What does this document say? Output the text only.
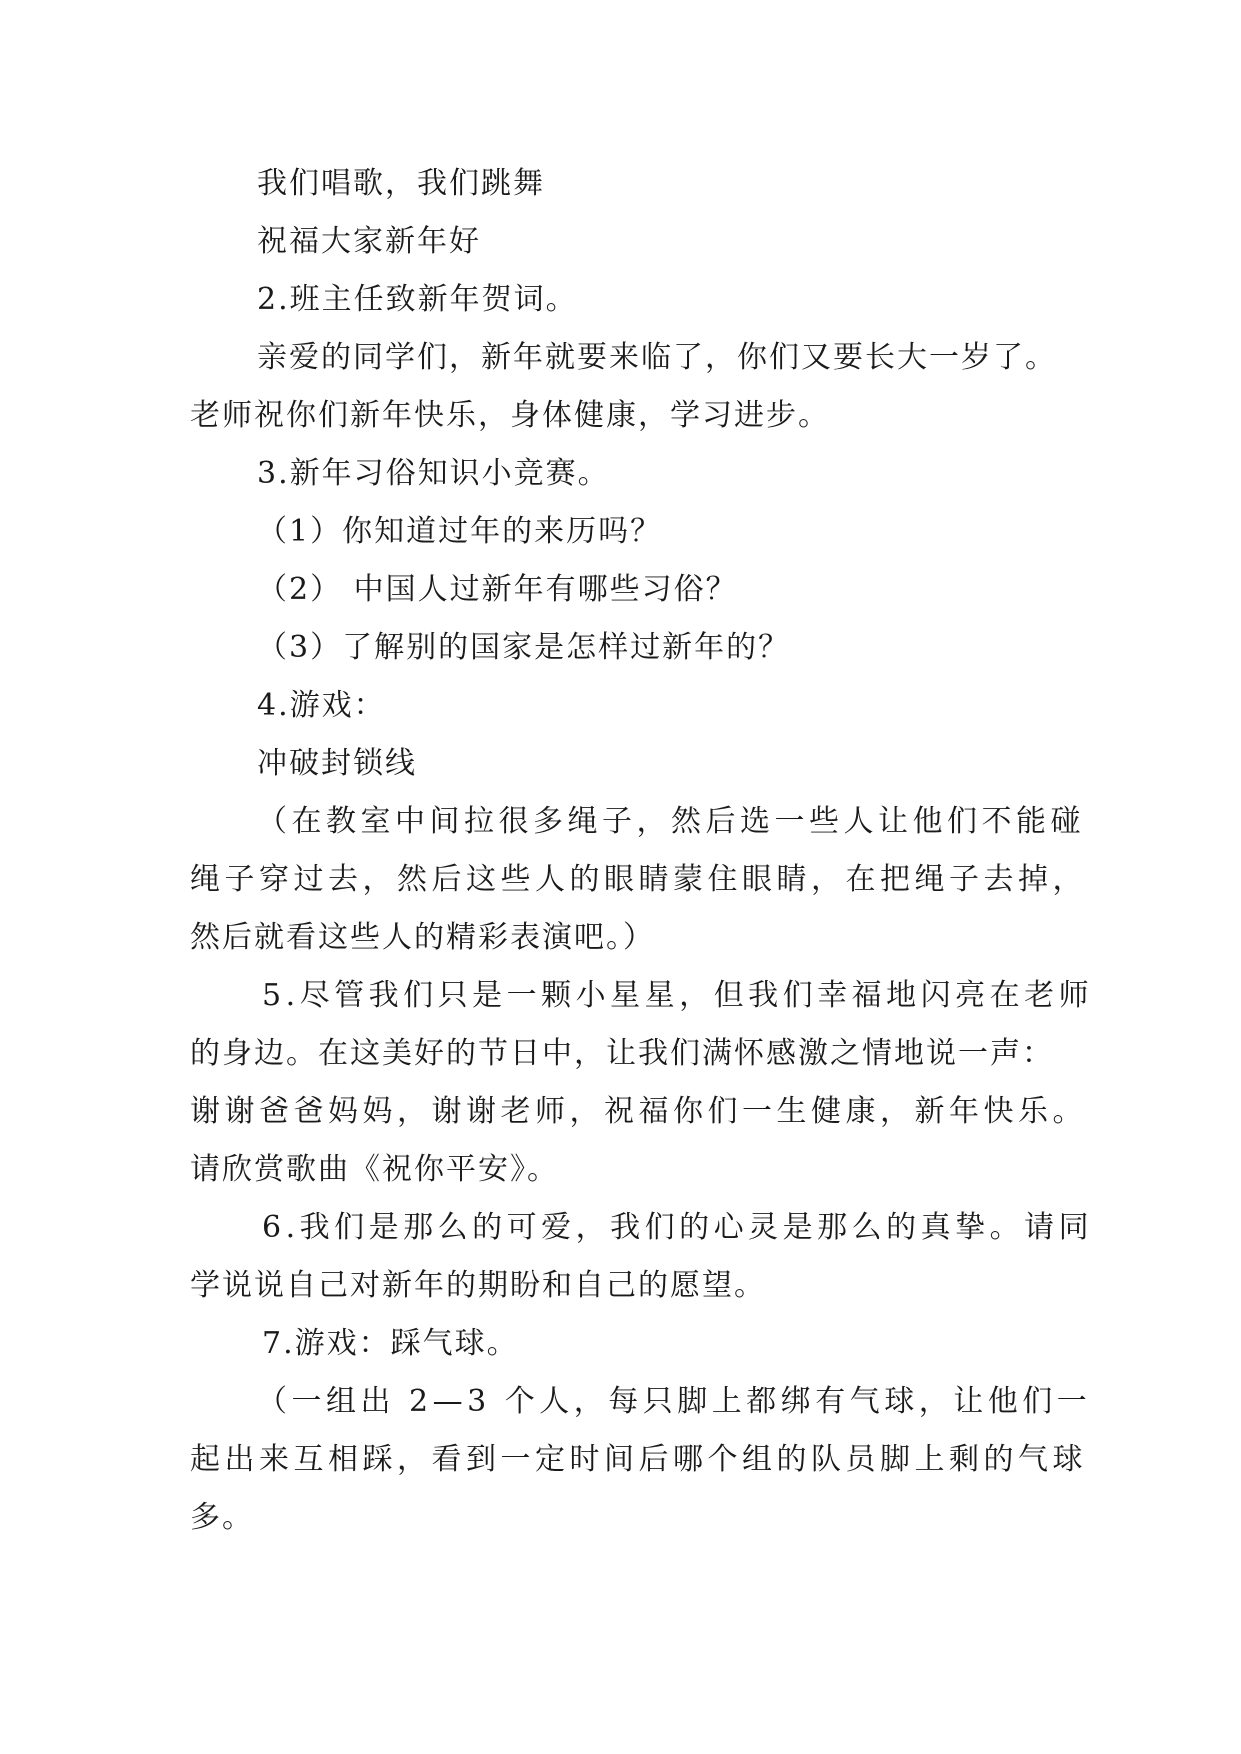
我们唱歌，我们跳舞
祝福大家新年好
2.班主任致新年贺词。
亲爱的同学们，新年就要来临了，你们又要长大一岁了。
老师祝你们新年快乐，身体健康，学习进步。
3.新年习俗知识小竞赛。
（1）你知道过年的来历吗？
（2） 中国人过新年有哪些习俗？
（3）了解别的国家是怎样过新年的？
4.游戏：
冲破封锁线
（在教室中间拉很多绳子，然后选一些人让他们不能碰
绳子穿过去，然后这些人的眼睛蒙住眼睛，在把绳子去掉，
然后就看这些人的精彩表演吧。）
5.尽管我们只是一颗小星星，但我们幸福地闪亮在老师
的身边。在这美好的节日中，让我们满怀感激之情地说一声：
谢谢爸爸妈妈，谢谢老师，祝福你们一生健康，新年快乐。
请欣赏歌曲《祝你平安》。
6.我们是那么的可爱，我们的心灵是那么的真挚。请同
学说说自己对新年的期盼和自己的愿望。
7.游戏：踩气球。
（一组出 2—3 个人，每只脚上都绑有气球，让他们一
起出来互相踩，看到一定时间后哪个组的队员脚上剩的气球
多。
